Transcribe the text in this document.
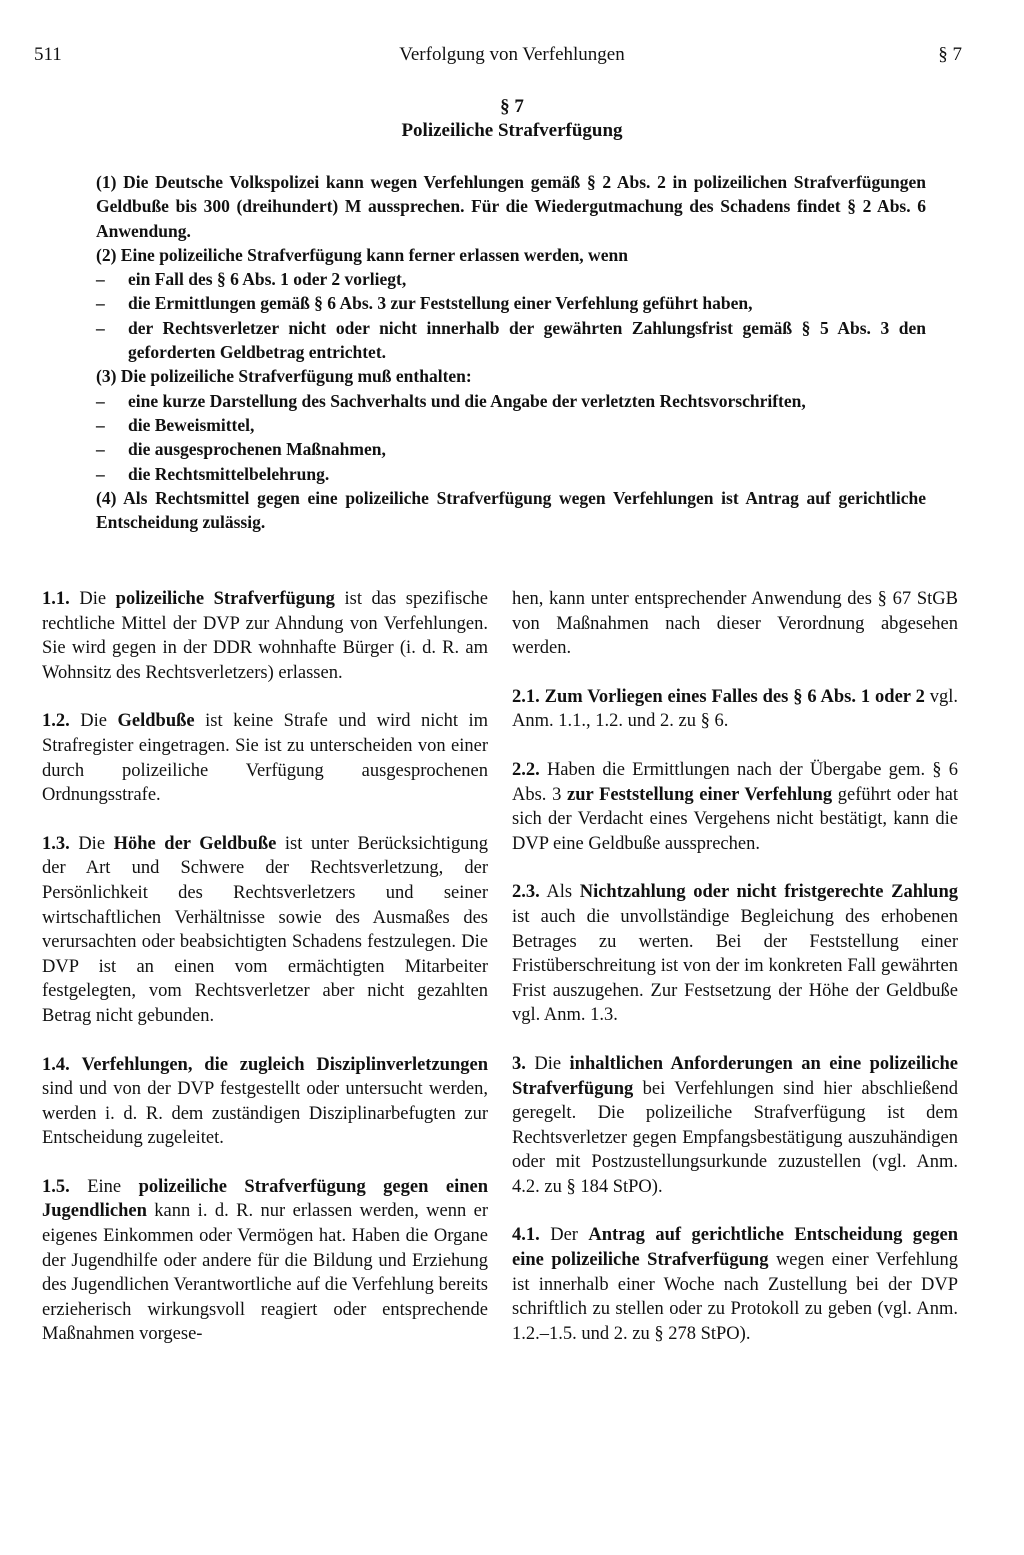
511	Verfolgung von Verfehlungen	§ 7
§ 7
Polizeiliche Strafverfügung

(1) Die Deutsche Volkspolizei kann wegen Verfehlungen gemäß § 2 Abs. 2 in polizeilichen Strafverfügungen Geldbuße bis 300 (dreihundert) M aussprechen. Für die Wiedergutmachung des Schadens findet § 2 Abs. 6 Anwendung.

(2) Eine polizeiliche Strafverfügung kann ferner erlassen werden, wenn

–	ein Fall des § 6 Abs. 1 oder 2 vorliegt,
–	die Ermittlungen gemäß § 6 Abs. 3 zur Feststellung einer Verfehlung geführt haben,
–	der Rechtsverletzer nicht oder nicht innerhalb der gewährten Zahlungsfrist gemäß § 5 Abs. 3 den geforderten Geldbetrag entrichtet.

(3) Die polizeiliche Strafverfügung muß enthalten:

–	eine kurze Darstellung des Sachverhalts und die Angabe der verletzten Rechtsvorschriften,
–	die Beweismittel,
–	die ausgesprochenen Maßnahmen,
–	die Rechtsmittelbelehrung.

(4) Als Rechtsmittel gegen eine polizeiliche Strafverfügung wegen Verfehlungen ist Antrag auf gerichtliche Entscheidung zulässig.

1.1. Die polizeiliche Strafverfügung ist das spezifische rechtliche Mittel der DVP zur Ahndung von Verfehlungen. Sie wird gegen in der DDR wohnhafte Bürger (i. d. R. am Wohnsitz des Rechtsverletzers) erlassen.

1.2. Die Geldbuße ist keine Strafe und wird nicht im Strafregister eingetragen. Sie ist zu unterscheiden von einer durch polizeiliche Verfügung ausgesprochenen Ordnungsstrafe.

1.3. Die Höhe der Geldbuße ist unter Berücksichtigung der Art und Schwere der Rechtsverletzung, der Persönlichkeit des Rechtsverletzers und seiner wirtschaftlichen Verhältnisse sowie des Ausmaßes des verursachten oder beabsichtigten Schadens festzulegen. Die DVP ist an einen vom ermächtigten Mitarbeiter festgelegten, vom Rechtsverletzer aber nicht gezahlten Betrag nicht gebunden.

1.4. Verfehlungen, die zugleich Disziplinverletzungen sind und von der DVP festgestellt oder untersucht werden, werden i. d. R. dem zuständigen Disziplinarbefugten zur Entscheidung zugeleitet.

1.5. Eine polizeiliche Strafverfügung gegen einen Jugendlichen kann i. d. R. nur erlassen werden, wenn er eigenes Einkommen oder Vermögen hat. Haben die Organe der Jugendhilfe oder andere für die Bildung und Erziehung des Jugendlichen Verantwortliche auf die Verfehlung bereits erzieherisch wirkungsvoll reagiert oder entsprechende Maßnahmen vorgese-

hen, kann unter entsprechender Anwendung des § 67 StGB von Maßnahmen nach dieser Verordnung abgesehen werden.

2.1. Zum Vorliegen eines Falles des § 6 Abs. 1 oder 2 vgl. Anm. 1.1., 1.2. und 2. zu § 6.

2.2. Haben die Ermittlungen nach der Übergabe gem. § 6 Abs. 3 zur Feststellung einer Verfehlung geführt oder hat sich der Verdacht eines Vergehens nicht bestätigt, kann die DVP eine Geldbuße aussprechen.

2.3. Als Nichtzahlung oder nicht fristgerechte Zahlung ist auch die unvollständige Begleichung des erhobenen Betrages zu werten. Bei der Feststellung einer Fristüberschreitung ist von der im konkreten Fall gewährten Frist auszugehen. Zur Festsetzung der Höhe der Geldbuße vgl. Anm. 1.3.

3. Die inhaltlichen Anforderungen an eine polizeiliche Strafverfügung bei Verfehlungen sind hier abschließend geregelt. Die polizeiliche Strafverfügung ist dem Rechtsverletzer gegen Empfangsbestätigung auszuhändigen oder mit Postzustellungsurkunde zuzustellen (vgl. Anm. 4.2. zu § 184 StPO).

4.1. Der Antrag auf gerichtliche Entscheidung gegen eine polizeiliche Strafverfügung wegen einer Verfehlung ist innerhalb einer Woche nach Zustellung bei der DVP schriftlich zu stellen oder zu Protokoll zu geben (vgl. Anm. 1.2.–1.5. und 2. zu § 278 StPO).
